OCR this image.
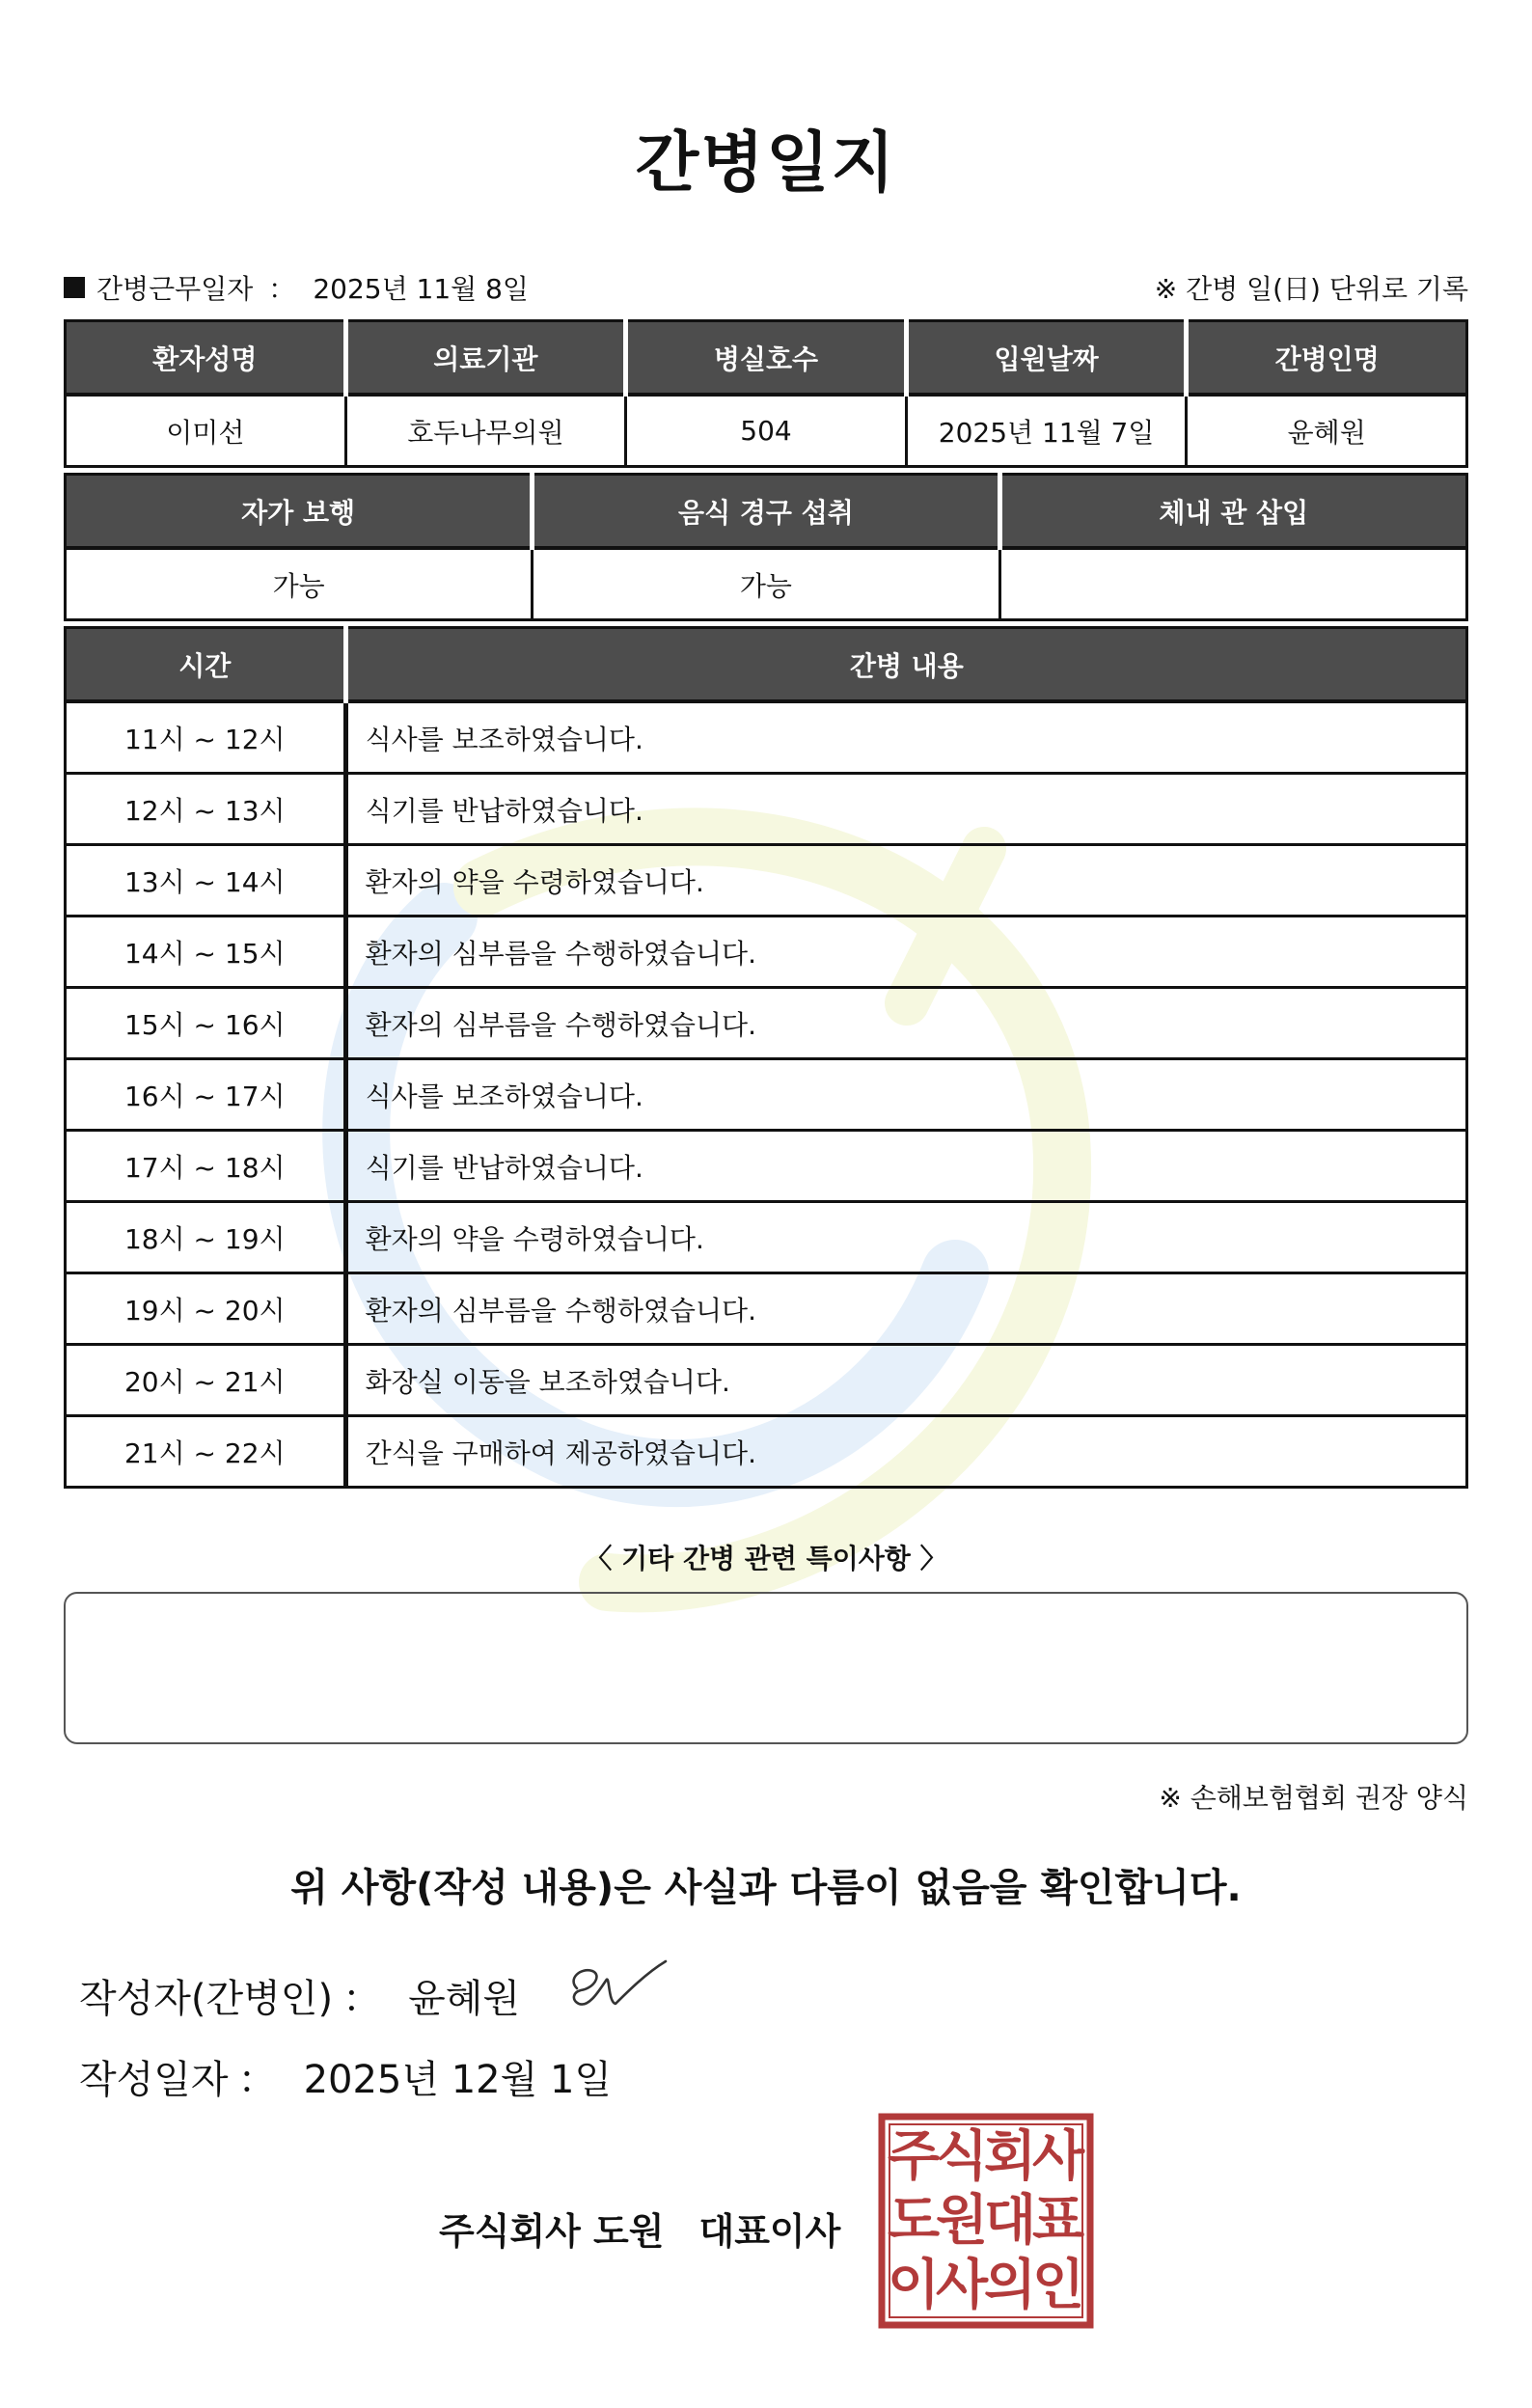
간병일지
간병근무일자 ： 2025년 11월 8일	※ 간병 일(日) 단위로 기록
환자성명	의료기관	병실호수	입원날짜	간병인명
이미선	호두나무의원	504	2025년 11월 7일	윤혜원
자가 보행	음식 경구 섭취	체내 관 삽입
가능	가능	
시간	간병 내용
11시 ~ 12시	식사를 보조하였습니다.
12시 ~ 13시	식기를 반납하였습니다.
13시 ~ 14시	환자의 약을 수령하였습니다.
14시 ~ 15시	환자의 심부름을 수행하였습니다.
15시 ~ 16시	환자의 심부름을 수행하였습니다.
16시 ~ 17시	식사를 보조하였습니다.
17시 ~ 18시	식기를 반납하였습니다.
18시 ~ 19시	환자의 약을 수령하였습니다.
19시 ~ 20시	환자의 심부름을 수행하였습니다.
20시 ~ 21시	화장실 이동을 보조하였습니다.
21시 ~ 22시	간식을 구매하여 제공하였습니다.
〈 기타 간병 관련 특이사항 〉
※ 손해보험협회 권장 양식
위 사항(작성 내용)은 사실과 다름이 없음을 확인합니다.
작성자(간병인) ： 윤혜원
작성일자 ： 2025년 12월 1일
주식회사 도원 대표이사
주
식
회
사
도
원
대
표
이
사
의
인
